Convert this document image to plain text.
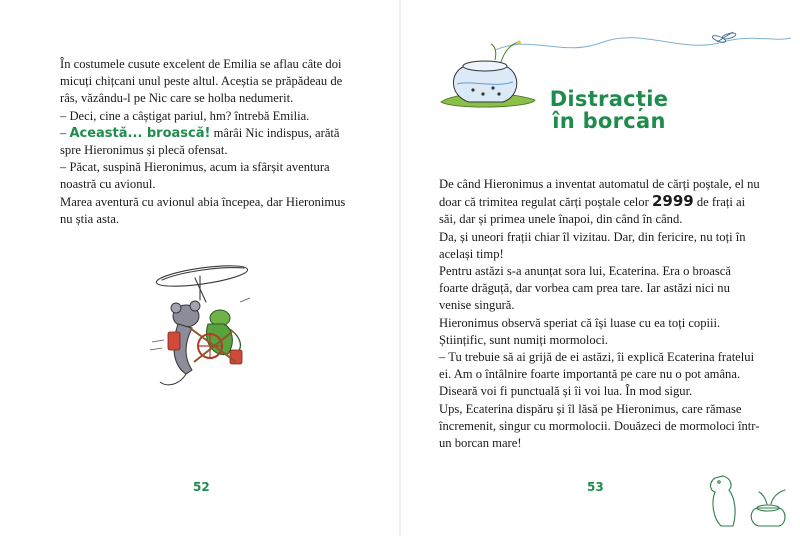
În costumele cusute excelent de Emilia se aflau câte doi micuți chițcani unul peste altul. Aceștia se prăpădeau de râs, văzându-l pe Nic care se holba nedumerit.

– Deci, cine a câștigat pariul, hm? întrebă Emilia.

– Această... broască! mârâi Nic indispus, arătă spre Hieronimus și plecă ofensat.

– Păcat, suspină Hieronimus, acum ia sfârșit aventura noastră cu avionul.

Marea aventură cu avionul abia începea, dar Hieronimus nu știa asta.

52
Distracție
în borcan

De când Hieronimus a inventat automatul de cărți poștale, el nu doar că trimitea regulat cărți poștale celor 2999 de frați ai săi, dar și primea unele înapoi, din când în când.

Da, și uneori frații chiar îl vizitau. Dar, din fericire, nu toți în același timp!

Pentru astăzi s-a anunțat sora lui, Ecaterina. Era o broască foarte drăguță, dar vorbea cam prea tare. Iar astăzi nici nu venise singură.

Hieronimus observă speriat că își luase cu ea toți copiii. Științific, sunt numiți mormoloci.

– Tu trebuie să ai grijă de ei astăzi, îi explică Ecaterina fratelui ei. Am o întâlnire foarte importantă pe care nu o pot amâna. Diseară voi fi punctuală și îi voi lua. În mod sigur.

Ups, Ecaterina dispăru și îl lăsă pe Hieronimus, care rămase încremenit, singur cu mormolocii. Douăzeci de mormoloci într-un borcan mare!

53
